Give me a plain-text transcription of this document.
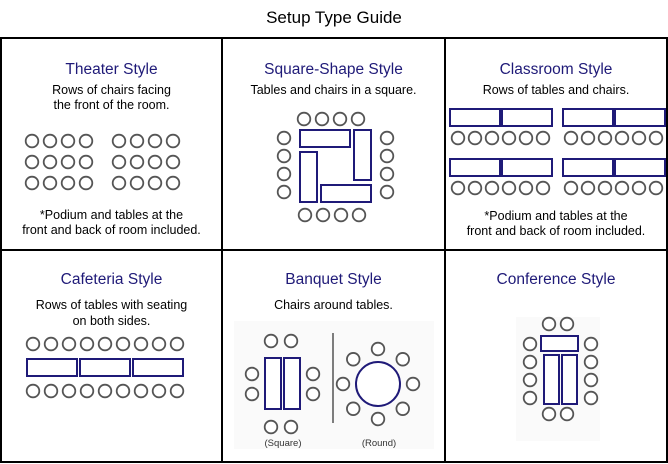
Setup Type Guide
Theater Style
Rows of chairs facing
the front of the room.
*Podium and tables at the
front and back of room included.
Square-Shape Style
Tables and chairs in a square.
Classroom Style
Rows of tables and chairs.
*Podium and tables at the
front and back of room included.
Cafeteria Style
Rows of tables with seating
on both sides.
Banquet Style
Chairs around tables.
(Square)	(Round)
Conference Style
